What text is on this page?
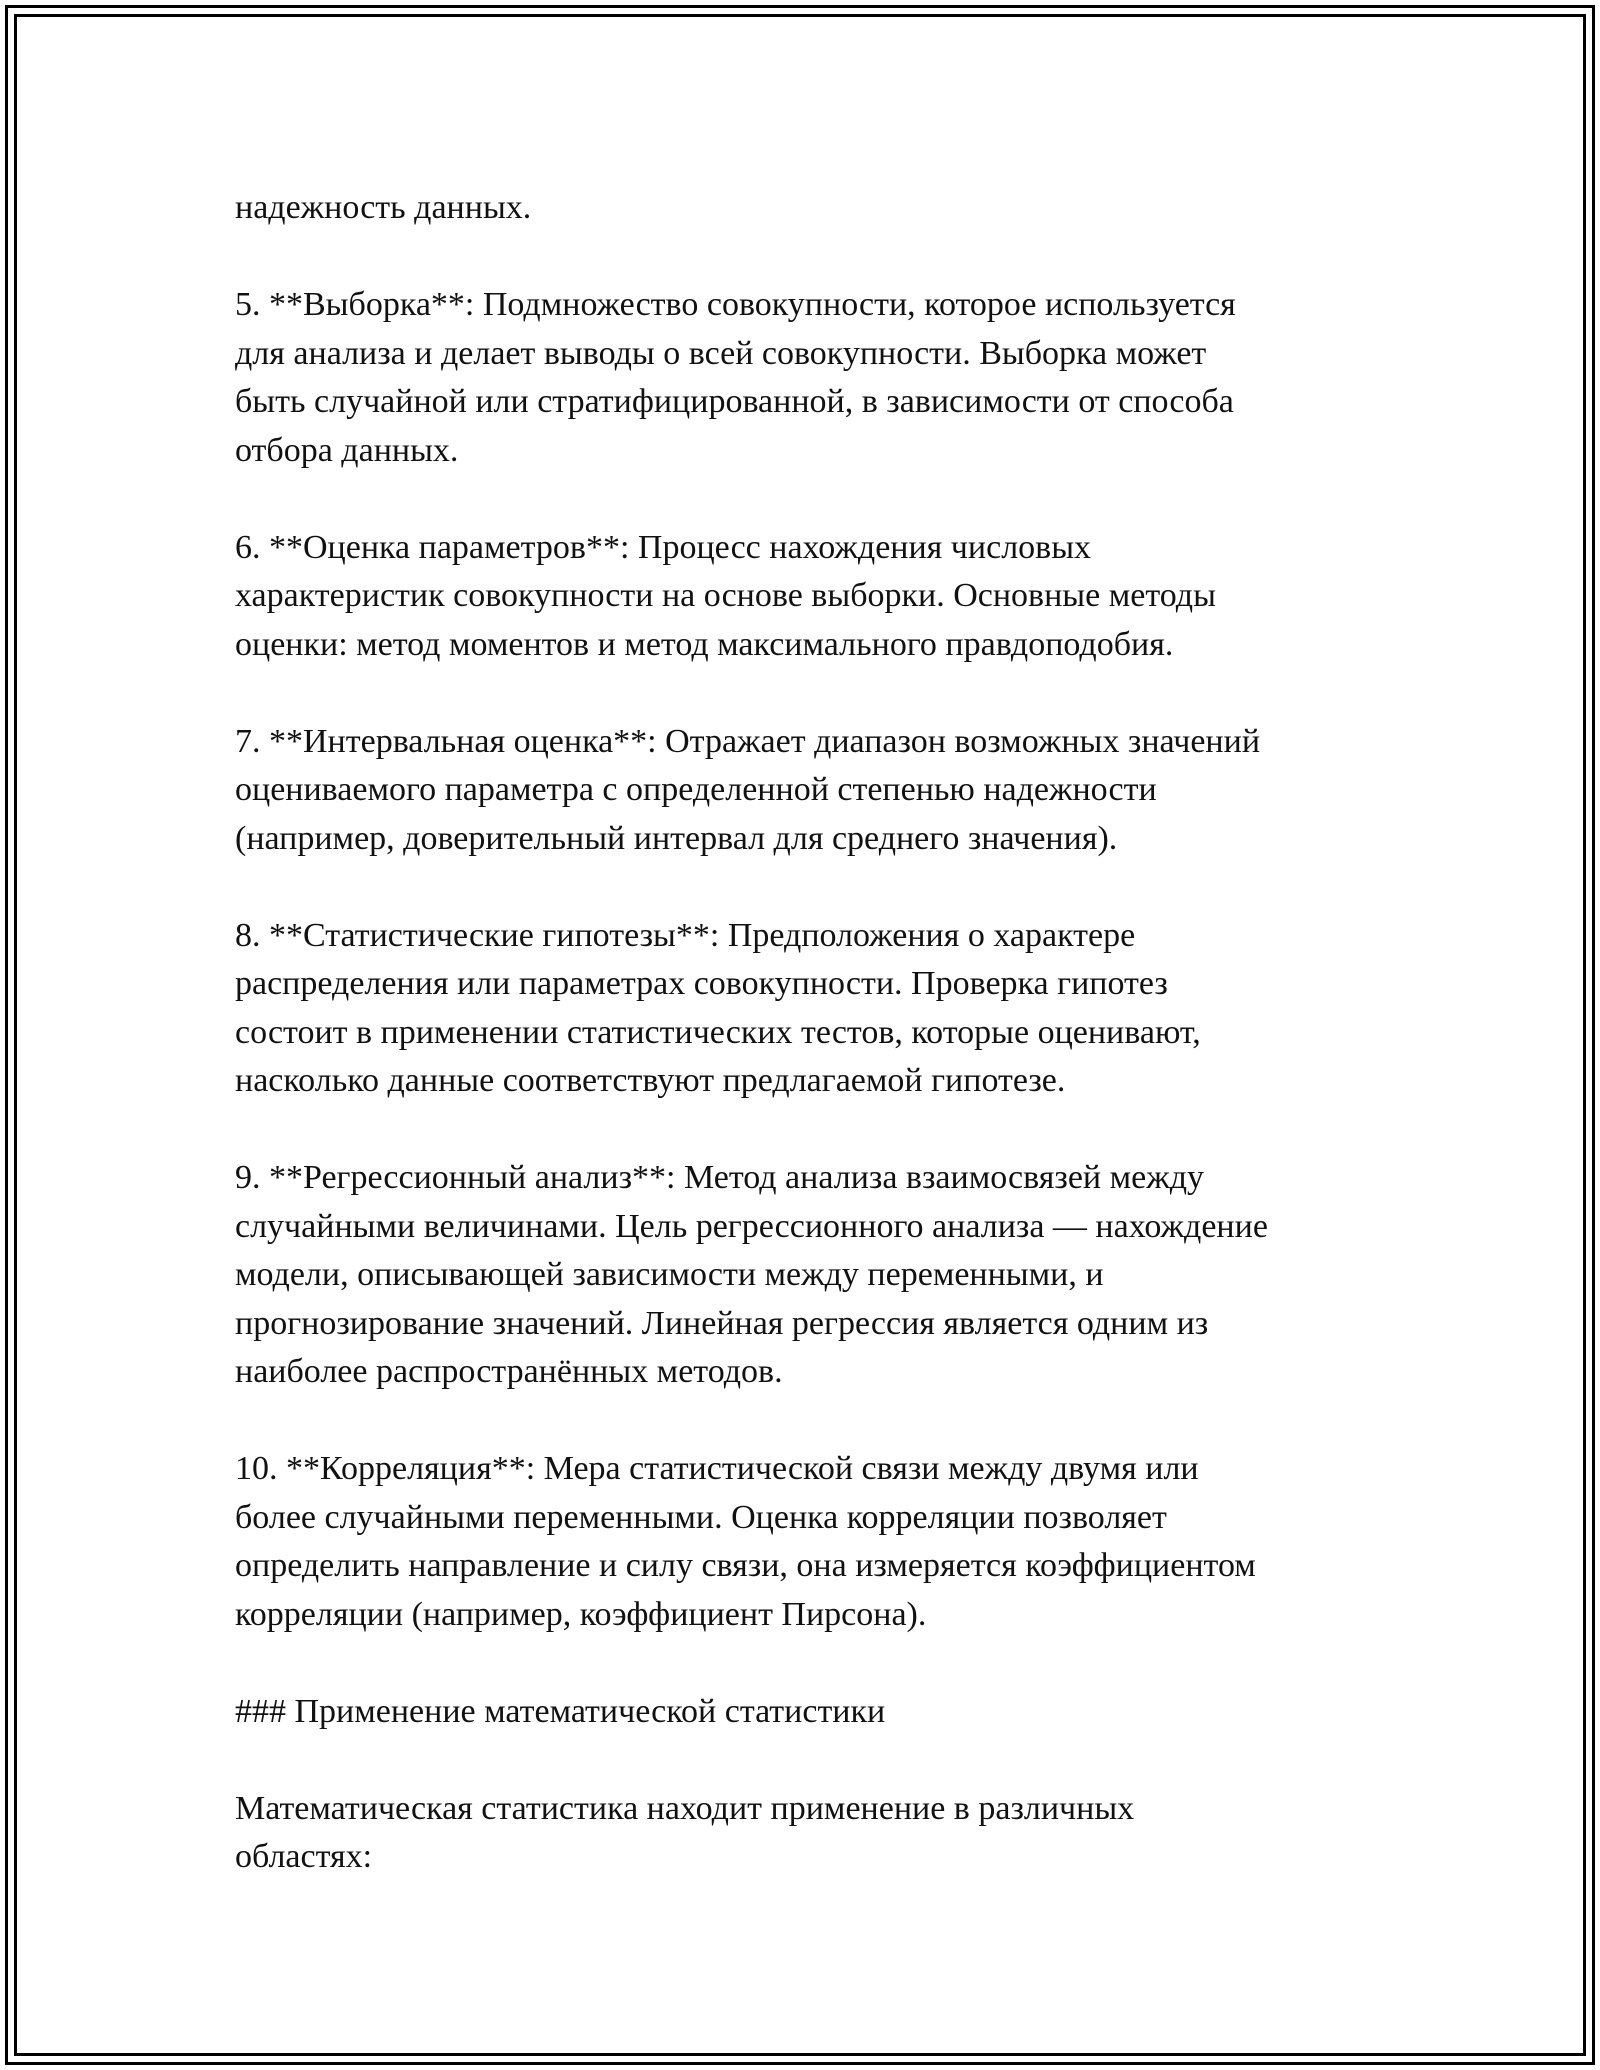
надежность данных.

5. **Выборка**: Подмножество совокупности, которое используется
для анализа и делает выводы о всей совокупности. Выборка может
быть случайной или стратифицированной, в зависимости от способа
отбора данных.

6. **Оценка параметров**: Процесс нахождения числовых
характеристик совокупности на основе выборки. Основные методы
оценки: метод моментов и метод максимального правдоподобия.

7. **Интервальная оценка**: Отражает диапазон возможных значений
оцениваемого параметра с определенной степенью надежности
(например, доверительный интервал для среднего значения).

8. **Статистические гипотезы**: Предположения о характере
распределения или параметрах совокупности. Проверка гипотез
состоит в применении статистических тестов, которые оценивают,
насколько данные соответствуют предлагаемой гипотезе.

9. **Регрессионный анализ**: Метод анализа взаимосвязей между
случайными величинами. Цель регрессионного анализа — нахождение
модели, описывающей зависимости между переменными, и
прогнозирование значений. Линейная регрессия является одним из
наиболее распространённых методов.

10. **Корреляция**: Мера статистической связи между двумя или
более случайными переменными. Оценка корреляции позволяет
определить направление и силу связи, она измеряется коэффициентом
корреляции (например, коэффициент Пирсона).

### Применение математической статистики

Математическая статистика находит применение в различных
областях:
